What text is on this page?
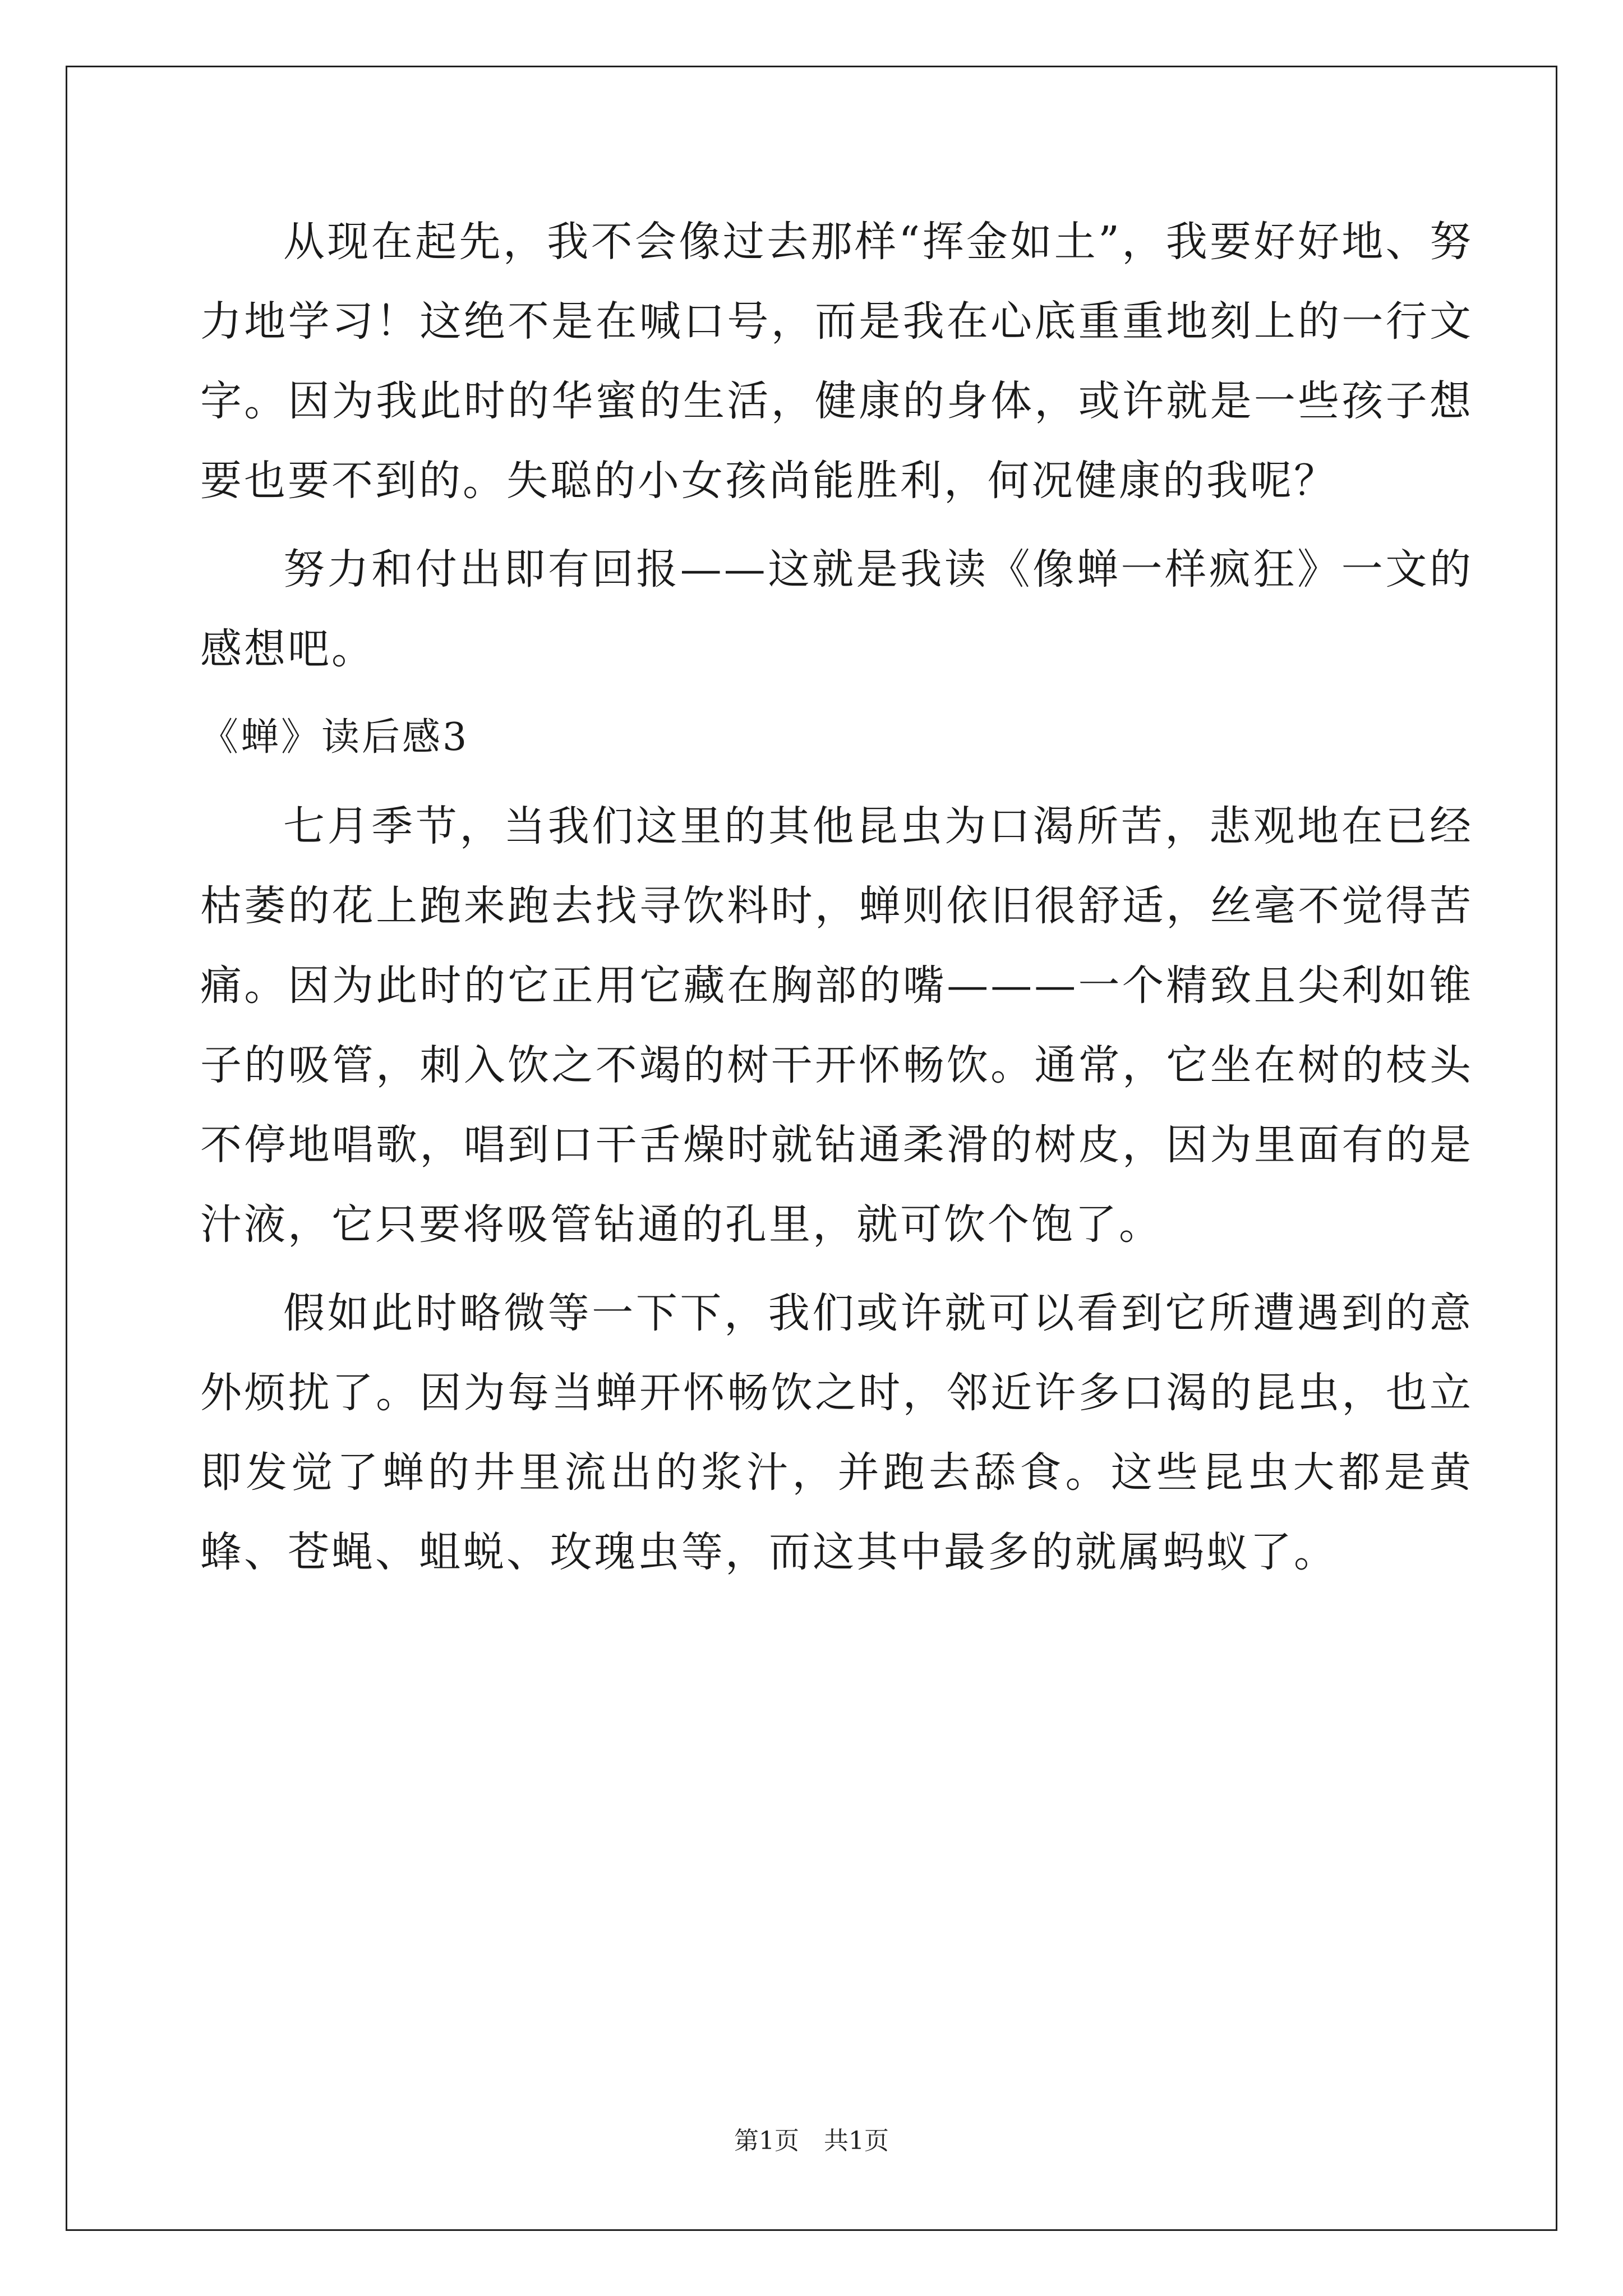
从现在起先，我不会像过去那样“挥金如土”，我要好好地、努力地学习！这绝不是在喊口号，而是我在心底重重地刻上的一行文字。因为我此时的华蜜的生活，健康的身体，或许就是一些孩子想要也要不到的。失聪的小女孩尚能胜利，何况健康的我呢？

努力和付出即有回报——这就是我读《像蝉一样疯狂》一文的感想吧。

《蝉》读后感3

七月季节，当我们这里的其他昆虫为口渴所苦，悲观地在已经枯萎的花上跑来跑去找寻饮料时，蝉则依旧很舒适，丝毫不觉得苦痛。因为此时的它正用它藏在胸部的嘴———一个精致且尖利如锥子的吸管，刺入饮之不竭的树干开怀畅饮。通常，它坐在树的枝头不停地唱歌，唱到口干舌燥时就钻通柔滑的树皮，因为里面有的是汁液，它只要将吸管钻通的孔里，就可饮个饱了。

假如此时略微等一下下，我们或许就可以看到它所遭遇到的意外烦扰了。因为每当蝉开怀畅饮之时，邻近许多口渴的昆虫，也立即发觉了蝉的井里流出的浆汁，并跑去舔食。这些昆虫大都是黄蜂、苍蝇、蛆蜕、玫瑰虫等，而这其中最多的就属蚂蚁了。

第1页　共1页
